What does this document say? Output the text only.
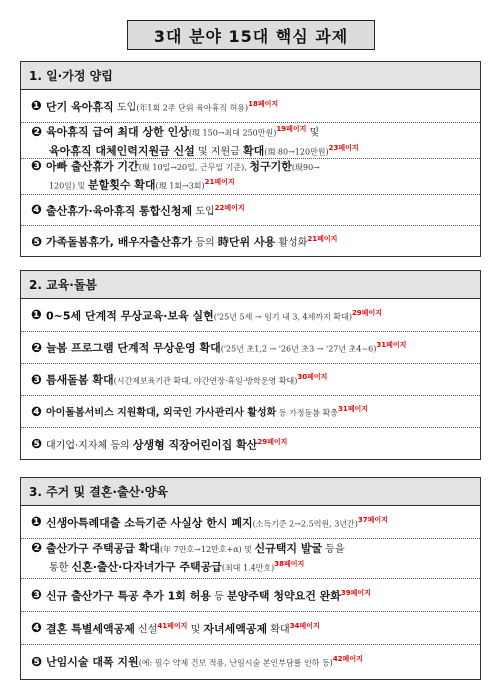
3대 분야 15대 핵심 과제
1. 일·가정 양립
❶ 단기 육아휴직 도입(年1회 2주 단위 육아휴직 허용)$^{18페이지}$
❷ 육아휴직 급여 최대 상한 인상(現 150→최대 250만원)$^{19페이지}$ 및
육아휴직 대체인력지원금 신설 및 지원금 확대(現 80→120만원)$^{23페이지}$
❸ 아빠 출산휴가 기간(現 10일→20일, 근무일 기준), 청구기한(現90→
120일) 및 분할횟수 확대(現 1회→3회)$^{21페이지}$
❹ 출산휴가·육아휴직 통합신청제 도입$^{22페이지}$
❺ 가족돌봄휴가, 배우자출산휴가 등의 時단위 사용 활성화$^{21페이지}$
2. 교육·돌봄
❶ 0~5세 단계적 무상교육·보육 실현('25년 5세 → 임기 내 3, 4세까지 확대)$^{29페이지}$
❷ 늘봄 프로그램 단계적 무상운영 확대('25년 초1,2 → '26년 초3 → '27년 초4~6)$^{31페이지}$
❸ 틈새돌봄 확대(시간제보육기관 확대, 야간연장·휴일·방학운영 확대)$^{30페이지}$
❹ 아이돌봄서비스 지원확대, 외국인 가사관리사 활성화 등 가정돌봄 확충$^{31페이지}$
❺ 대기업·지자체 등의 상생형 직장어린이집 확산$^{29페이지}$
3. 주거 및 결혼·출산·양육
❶ 신생아특례대출 소득기준 사실상 한시 폐지(소득기준 2→2.5억원, 3년간)$^{37페이지}$
❷ 출산가구 주택공급 확대(年 7만호→12만호+α) 및 신규택지 발굴 등을
통한 신혼·출산·다자녀가구 주택공급(최대 1.4만호)$^{38페이지}$
❸ 신규 출산가구 특공 추가 1회 허용 등 분양주택 청약요건 완화$^{39페이지}$
❹ 결혼 특별세액공제 신설$^{41페이지}$ 및 자녀세액공제 확대$^{34페이지}$
❺ 난임시술 대폭 지원(예: 필수 약제 건보 적용, 난임시술 본인부담률 인하 등)$^{42페이지}$
